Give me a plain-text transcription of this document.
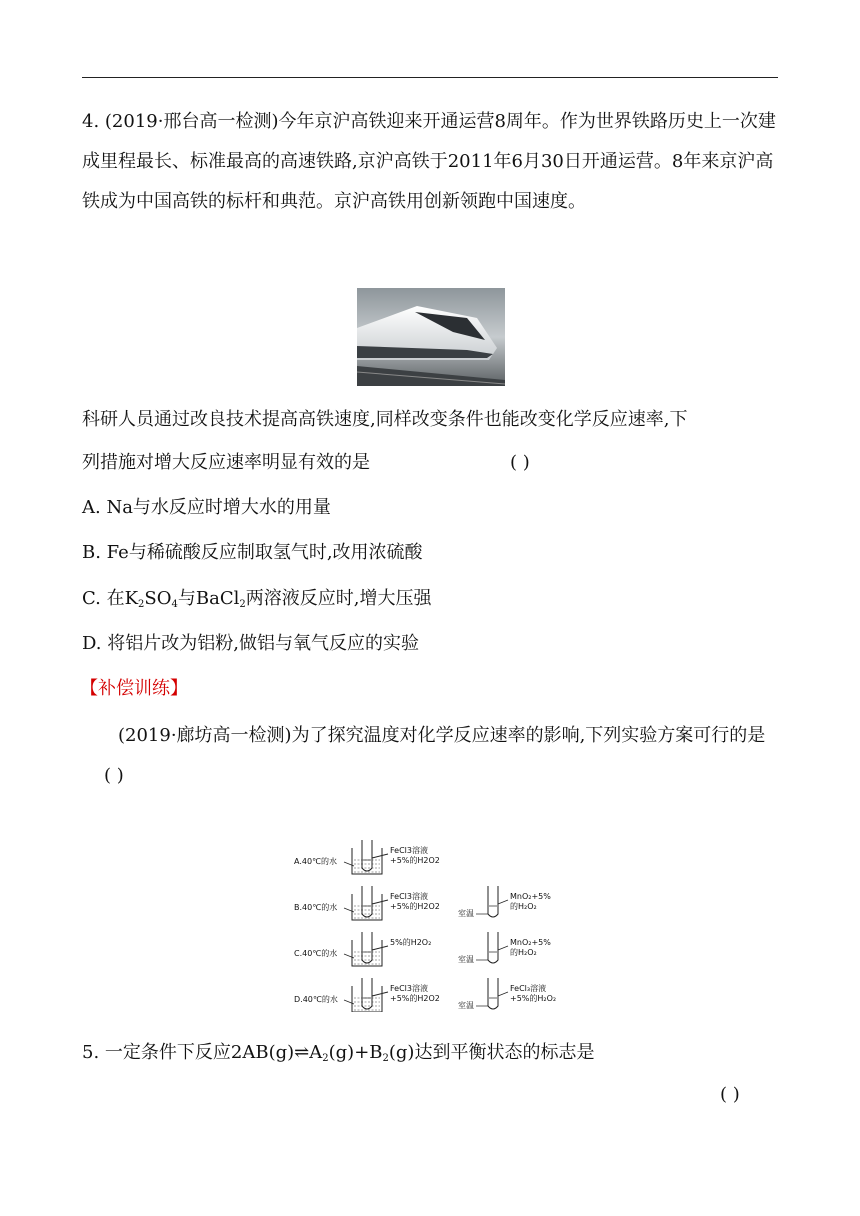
4. (2019·邢台高一检测)今年京沪高铁迎来开通运营8周年。作为世界铁路历史上一次建成里程最长、标准最高的高速铁路,京沪高铁于2011年6月30日开通运营。8年来京沪高铁成为中国高铁的标杆和典范。京沪高铁用创新领跑中国速度。

科研人员通过改良技术提高高铁速度,同样改变条件也能改变化学反应速率,下
列措施对增大反应速率明显有效的是	( )
A. Na与水反应时增大水的用量
B. Fe与稀硫酸反应制取氢气时,改用浓硫酸
C. 在$K_2SO_4$与BaCl$_2$两溶液反应时,增大压强
D. 将铝片改为铝粉,做铝与氧气反应的实验
【补偿训练】

(2019·廊坊高一检测)为了探究温度对化学反应速率的影响,下列实验方案可行的是 ( )

A.40℃的水
FeCl3溶液
+5%的H2O2
B.40℃的水
FeCl3溶液
+5%的H2O2
室温
MnO₂+5%
的H₂O₂
C.40℃的水
5%的H2O₂
室温
MnO₂+5%
的H₂O₂
D.40℃的水
FeCl3溶液
+5%的H2O2
室温
FeCl₃溶液
+5%的H₂O₂
5. 一定条件下反应$2AB(g)\rightleftharpoons A_2(g)+B_2(g)$达到平衡状态的标志是
( )
